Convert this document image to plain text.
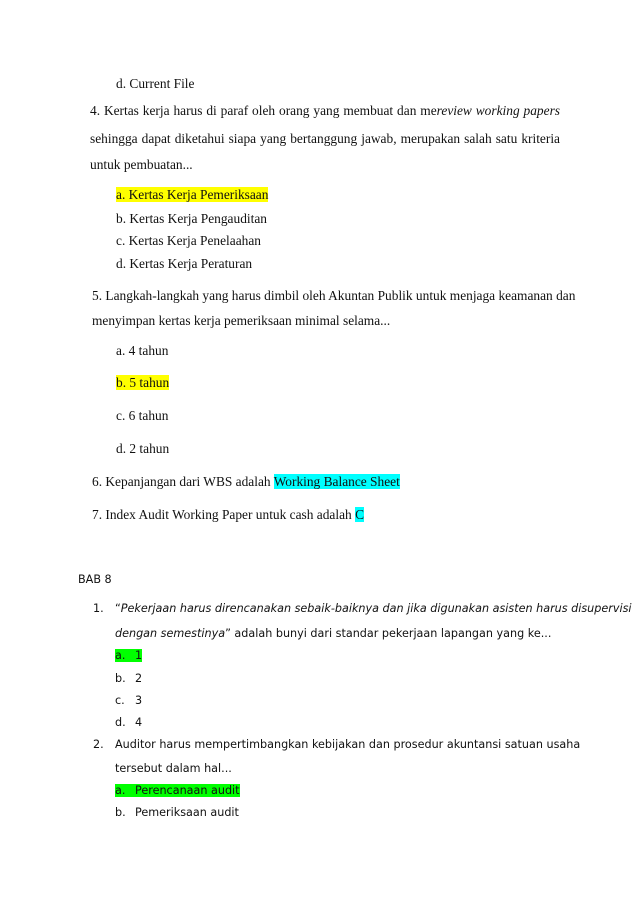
d. Current File
4. Kertas kerja harus di paraf oleh orang yang membuat dan mereview working papers
sehingga dapat diketahui siapa yang bertanggung jawab, merupakan salah satu kriteria
untuk pembuatan...
a. Kertas Kerja Pemeriksaan
b. Kertas Kerja Pengauditan
c. Kertas Kerja Penelaahan
d. Kertas Kerja Peraturan
5. Langkah-langkah yang harus dimbil oleh Akuntan Publik untuk menjaga keamanan dan
menyimpan kertas kerja pemeriksaan minimal selama...
a. 4 tahun
b. 5 tahun
c. 6 tahun
d. 2 tahun
6. Kepanjangan dari WBS adalah Working Balance Sheet
7. Index Audit Working Paper untuk cash adalah C
BAB 8
1. “Pekerjaan harus direncanakan sebaik-baiknya dan jika digunakan asisten harus disupervisi
dengan semestinya” adalah bunyi dari standar pekerjaan lapangan yang ke...
a. 1
b. 2
c. 3
d. 4
2. Auditor harus mempertimbangkan kebijakan dan prosedur akuntansi satuan usaha
tersebut dalam hal...
a. Perencanaan audit
b. Pemeriksaan audit
